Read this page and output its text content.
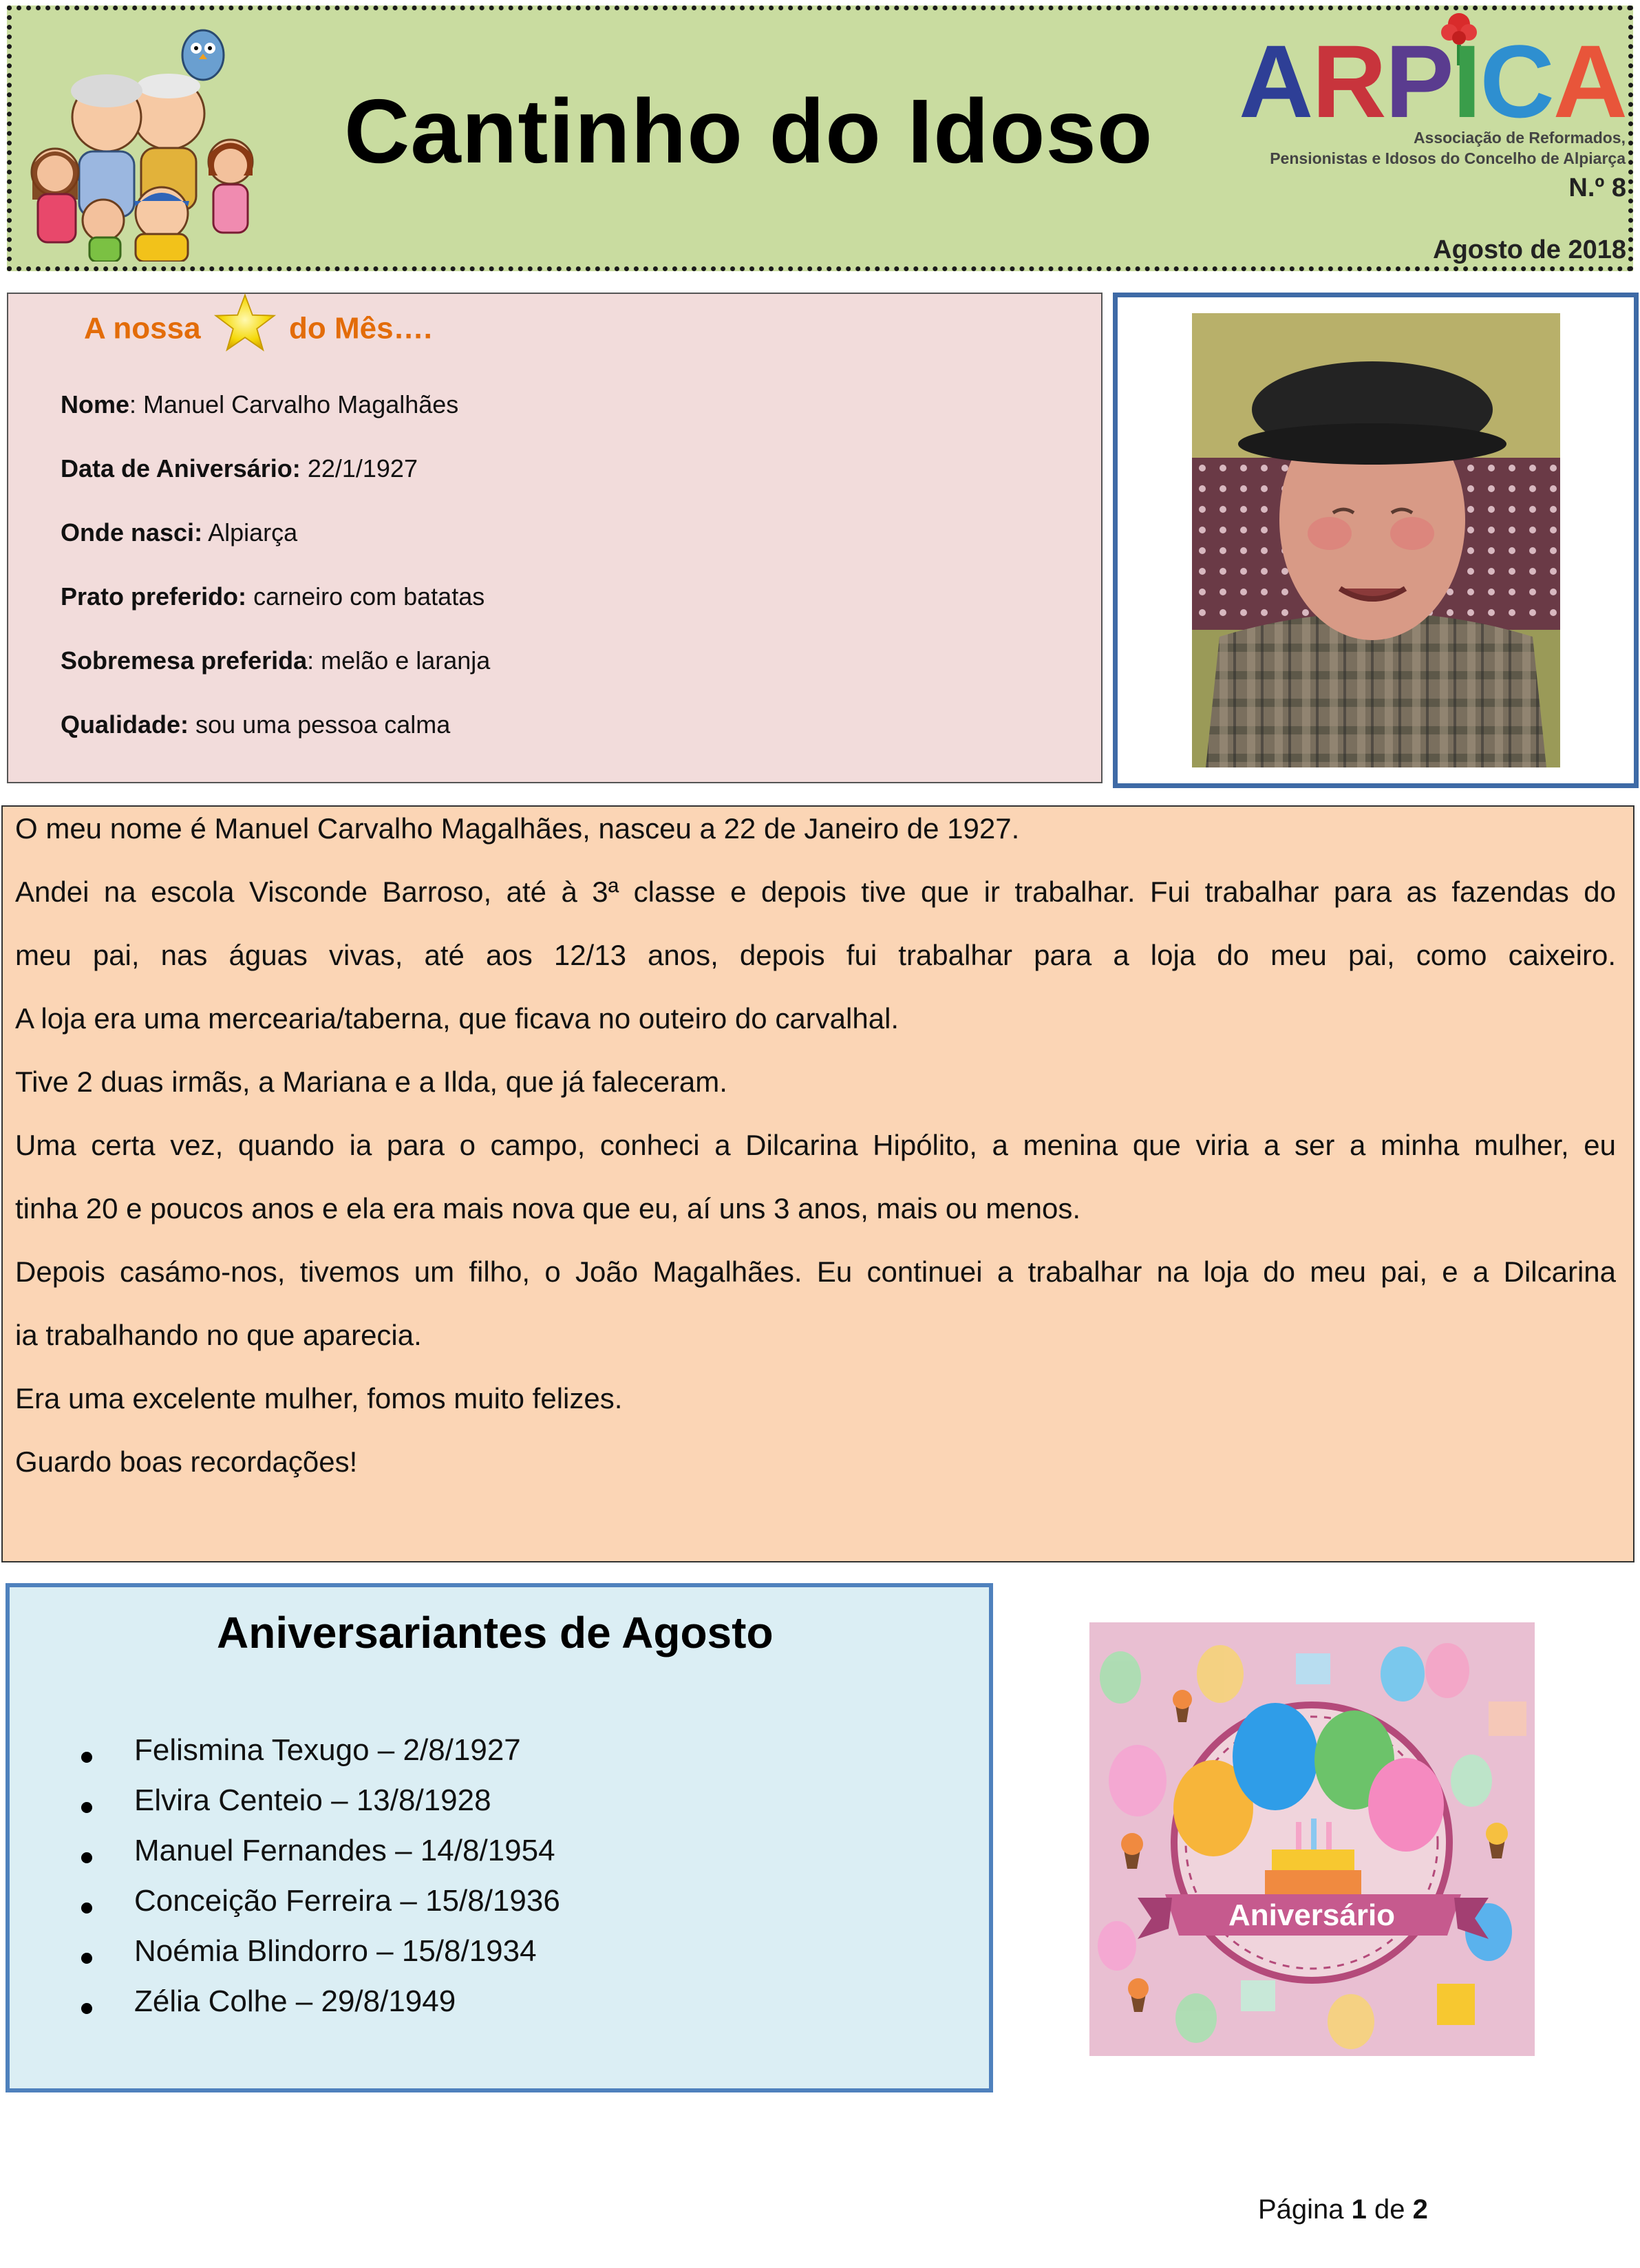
Cantinho do Idoso ARPICA
Associação de Reformados,
Pensionistas e Idosos do Concelho de Alpiarça
N.º 8
Agosto de 2018
A nossa	do Mês….
Nome: Manuel Carvalho Magalhães
Data de Aniversário: 22/1/1927
Onde nasci: Alpiarça
Prato preferido: carneiro com batatas
Sobremesa preferida: melão e laranja
Qualidade: sou uma pessoa calma
O meu nome é Manuel Carvalho Magalhães, nasceu a 22 de Janeiro de 1927.
Andei na escola Visconde Barroso, até à 3ª classe e depois tive que ir trabalhar. Fui trabalhar para as fazendas do
meu pai, nas águas vivas, até aos 12/13 anos, depois fui trabalhar para a loja do meu pai, como caixeiro.
A loja era uma mercearia/taberna, que ficava no outeiro do carvalhal.
Tive 2 duas irmãs, a Mariana e a Ilda, que já faleceram.
Uma certa vez, quando ia para o campo, conheci a Dilcarina Hipólito, a menina que viria a ser a minha mulher, eu
tinha 20 e poucos anos e ela era mais nova que eu, aí uns 3 anos, mais ou menos.
Depois casámo-nos, tivemos um filho, o João Magalhães. Eu continuei a trabalhar na loja do meu pai, e a Dilcarina
ia trabalhando no que aparecia.
Era uma excelente mulher, fomos muito felizes.
Guardo boas recordações!
Aniversariantes de Agosto
Felismina Texugo – 2/8/1927
Elvira Centeio – 13/8/1928
Manuel Fernandes – 14/8/1954
Conceição Ferreira – 15/8/1936
Noémia Blindorro – 15/8/1934
Zélia Colhe – 29/8/1949
Aniversário
Página 1 de 2
